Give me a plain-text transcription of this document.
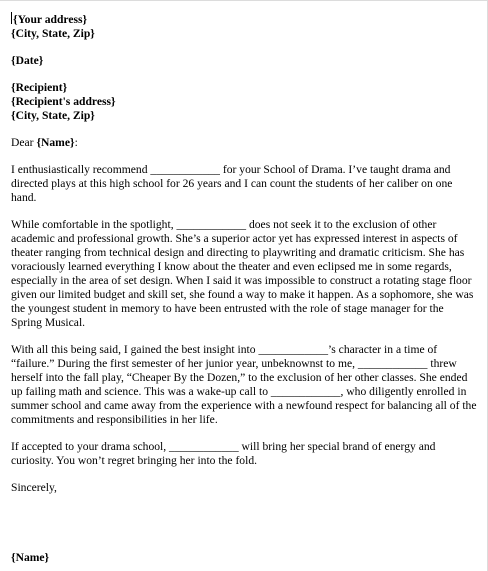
{Your address}
{City, State, Zip}
{Date}
{Recipient}
{Recipient's address}
{City, State, Zip}
Dear {Name}:

I enthusiastically recommend ____________ for your School of Drama. I’ve taught drama and directed plays at this high school for 26 years and I can count the students of her caliber on one hand.

While comfortable in the spotlight, ____________ does not seek it to the exclusion of other academic and professional growth. She’s a superior actor yet has expressed interest in aspects of theater ranging from technical design and directing to playwriting and dramatic criticism. She has voraciously learned everything I know about the theater and even eclipsed me in some regards, especially in the area of set design. When I said it was impossible to construct a rotating stage floor given our limited budget and skill set, she found a way to make it happen. As a sophomore, she was the youngest student in memory to have been entrusted with the role of stage manager for the Spring Musical.

With all this being said, I gained the best insight into ____________’s character in a time of “failure.” During the first semester of her junior year, unbeknownst to me, ____________ threw herself into the fall play, “Cheaper By the Dozen,” to the exclusion of her other classes. She ended up failing math and science. This was a wake-up call to ____________, who diligently enrolled in summer school and came away from the experience with a newfound respect for balancing all of the commitments and responsibilities in her life.

If accepted to your drama school, ____________ will bring her special brand of energy and curiosity. You won’t regret bringing her into the fold.

Sincerely,
{Name}
